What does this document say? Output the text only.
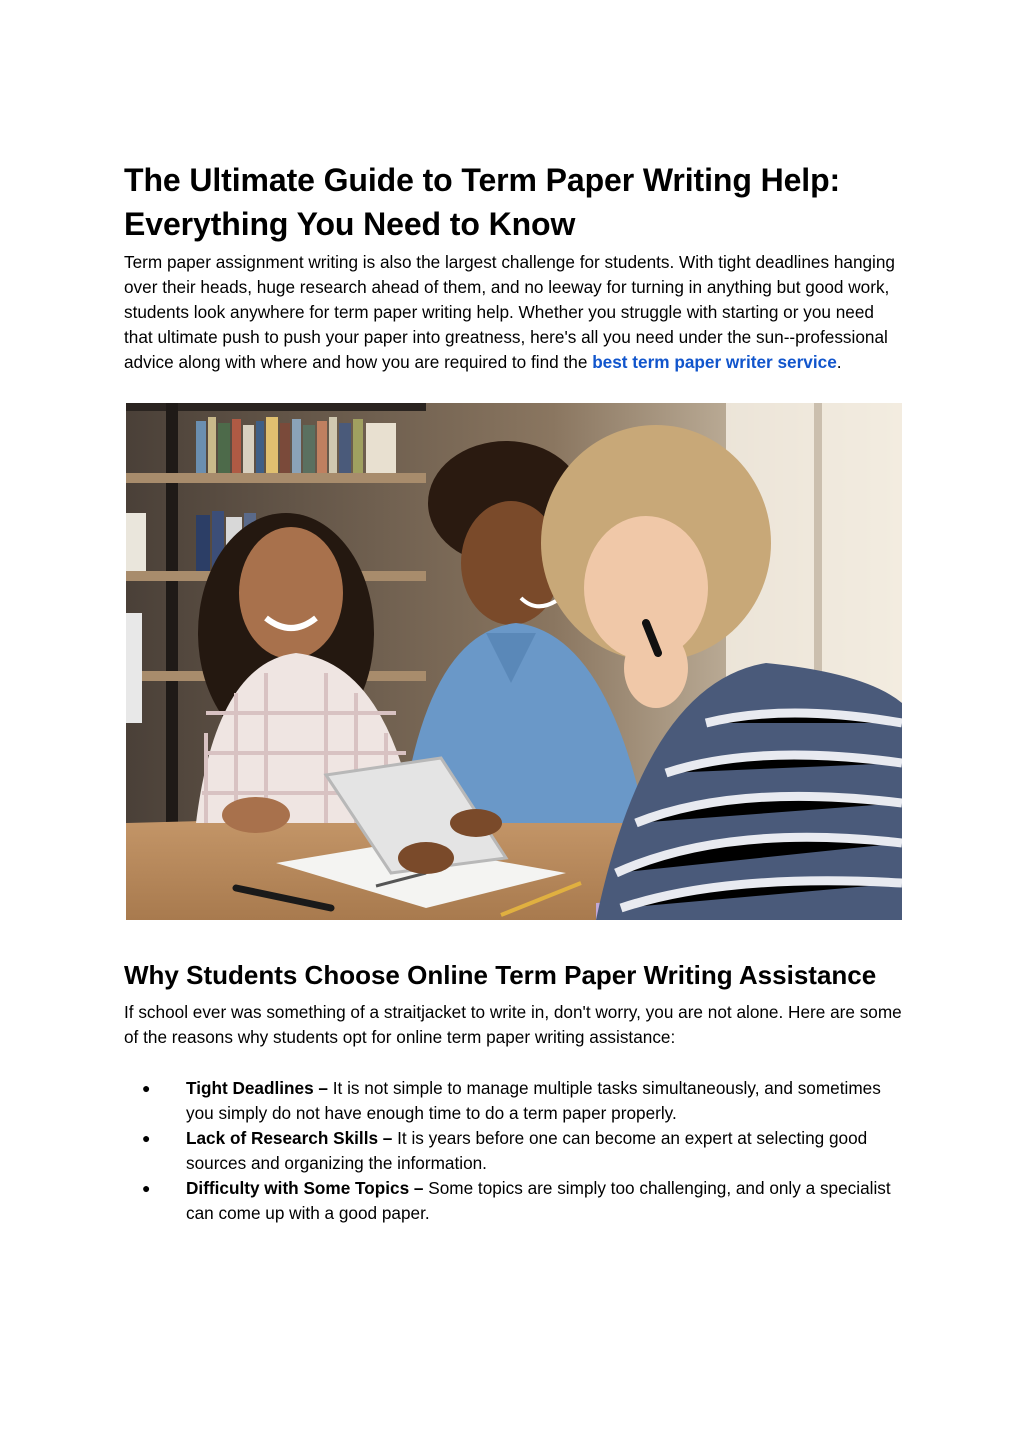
The Ultimate Guide to Term Paper Writing Help: Everything You Need to Know

Term paper assignment writing is also the largest challenge for students. With tight deadlines hanging over their heads, huge research ahead of them, and no leeway for turning in anything but good work, students look anywhere for term paper writing help. Whether you struggle with starting or you need that ultimate push to push your paper into greatness, here's all you need under the sun--professional advice along with where and how you are required to find the best term paper writer service.

Why Students Choose Online Term Paper Writing Assistance

If school ever was something of a straitjacket to write in, don't worry, you are not alone. Here are some of the reasons why students opt for online term paper writing assistance:

● Tight Deadlines – It is not simple to manage multiple tasks simultaneously, and sometimes you simply do not have enough time to do a term paper properly.
● Lack of Research Skills – It is years before one can become an expert at selecting good sources and organizing the information.
● Difficulty with Some Topics – Some topics are simply too challenging, and only a specialist can come up with a good paper.
